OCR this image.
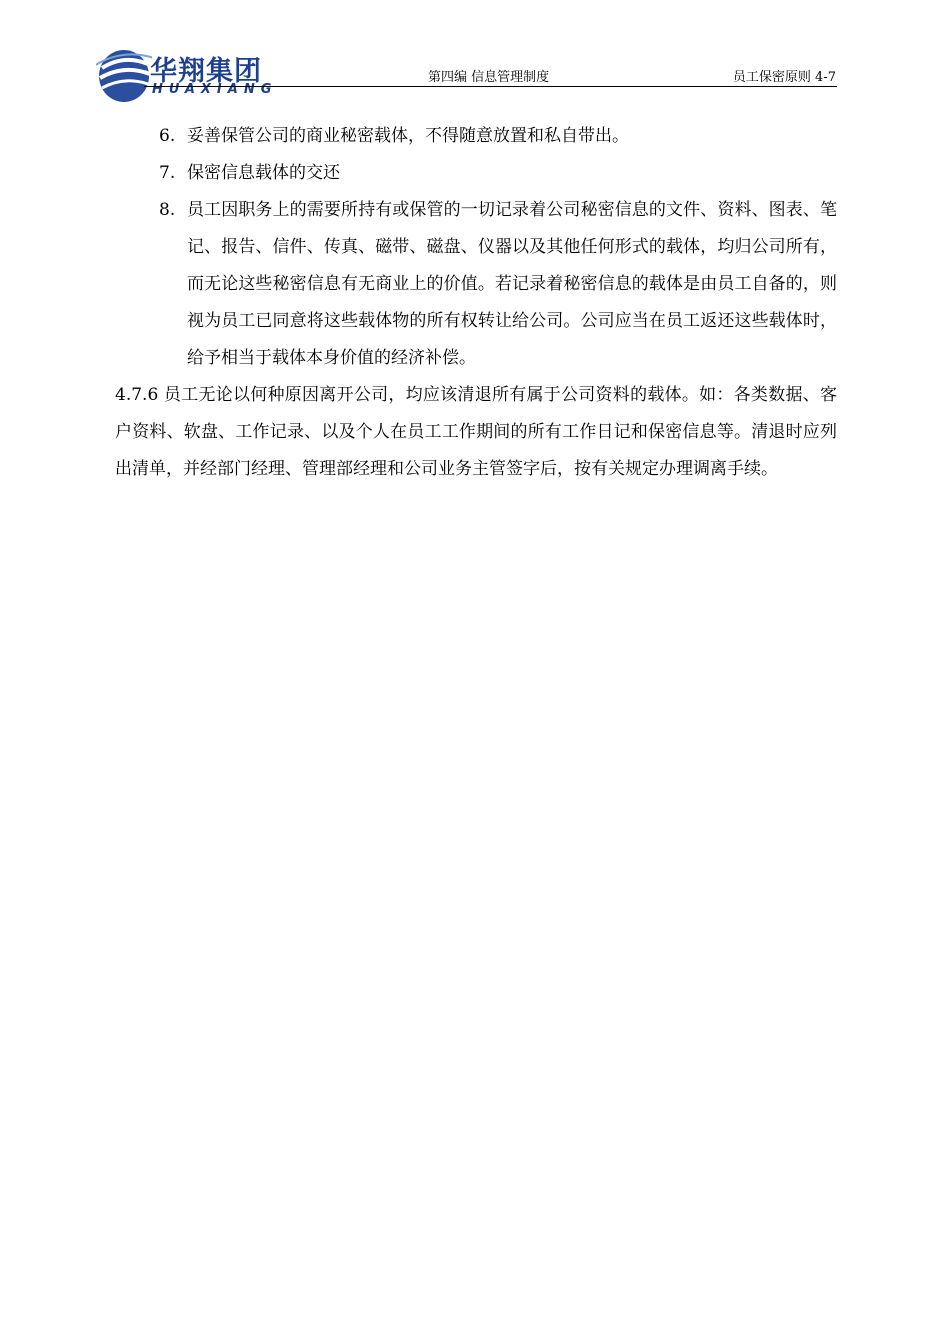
华翔集团
HUAXIANG
第四编 信息管理制度	员工保密原则 4-7
6. 妥善保管公司的商业秘密载体，不得随意放置和私自带出。
7. 保密信息载体的交还
8. 员工因职务上的需要所持有或保管的一切记录着公司秘密信息的文件、资料、图表、笔记、报告、信件、传真、磁带、磁盘、仪器以及其他任何形式的载体，均归公司所有，而无论这些秘密信息有无商业上的价值。若记录着秘密信息的载体是由员工自备的，则视为员工已同意将这些载体物的所有权转让给公司。公司应当在员工返还这些载体时，给予相当于载体本身价值的经济补偿。
4.7.6 员工无论以何种原因离开公司，均应该清退所有属于公司资料的载体。如：各类数据、客户资料、软盘、工作记录、以及个人在员工工作期间的所有工作日记和保密信息等。清退时应列出清单，并经部门经理、管理部经理和公司业务主管签字后，按有关规定办理调离手续。
